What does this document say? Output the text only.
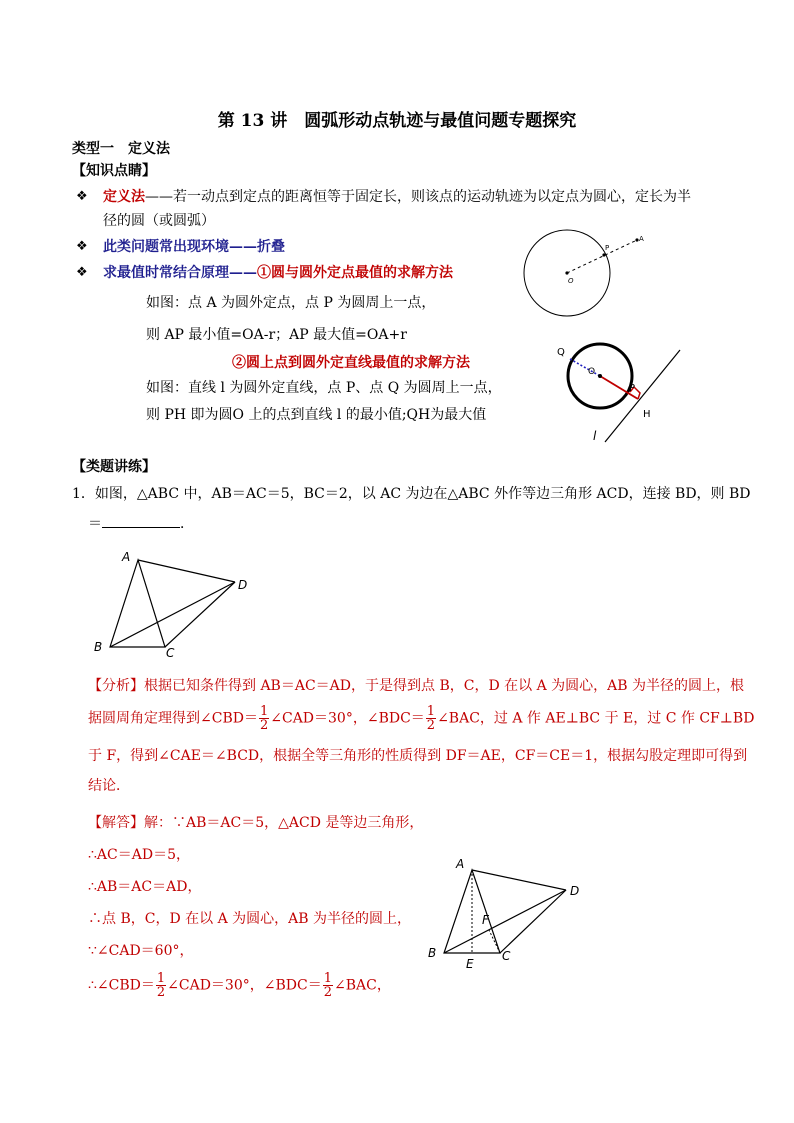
第 13 讲　圆弧形动点轨迹与最值问题专题探究
类型一　定义法
【知识点睛】
❖ 定义法——若一动点到定点的距离恒等于固定长，则该点的运动轨迹为以定点为圆心，定长为半
径的圆（或圆弧）
❖ 此类问题常出现环境——折叠
❖ 求最值时常结合原理——①圆与圆外定点最值的求解方法
如图：点 A 为圆外定点，点 P 为圆周上一点，
则 AP 最小值=OA-r；AP 最大值=OA+r
②圆上点到圆外定直线最值的求解方法
如图：直线 l 为圆外定直线，点 P、点 Q 为圆周上一点，
则 PH 即为圆O 上的点到直线 l 的最小值;QH为最大值
P
A
O
Q
O
P
H
l
【类题讲练】
1．如图，△ABC 中，AB＝AC＝5，BC＝2，以 AC 为边在△ABC 外作等边三角形 ACD，连接 BD，则 BD
＝	．
A
D
B	C
【分析】根据已知条件得到 AB＝AC＝AD，于是得到点 B，C，D 在以 A 为圆心，AB 为半径的圆上，根
据圆周角定理得到∠CBD＝ $\frac{1}{2}$ ∠CAD＝30°，∠BDC＝ $\frac{1}{2}$ ∠BAC，过 A 作 AE⊥BC 于 E，过 C 作 CF⊥BD
于 F，得到∠CAE＝∠BCD，根据全等三角形的性质得到 DF＝AE，CF＝CE＝1，根据勾股定理即可得到
结论．
【解答】解：∵AB＝AC＝5，△ACD 是等边三角形，
∴AC＝AD＝5，
∴AB＝AC＝AD，
∴点 B，C，D 在以 A 为圆心，AB 为半径的圆上，
∵∠CAD＝60°，
∴∠CBD＝ $\frac{1}{2}$ ∠CAD＝30°，∠BDC＝ $\frac{1}{2}$ ∠BAC，
A
D
F
B
E
C
